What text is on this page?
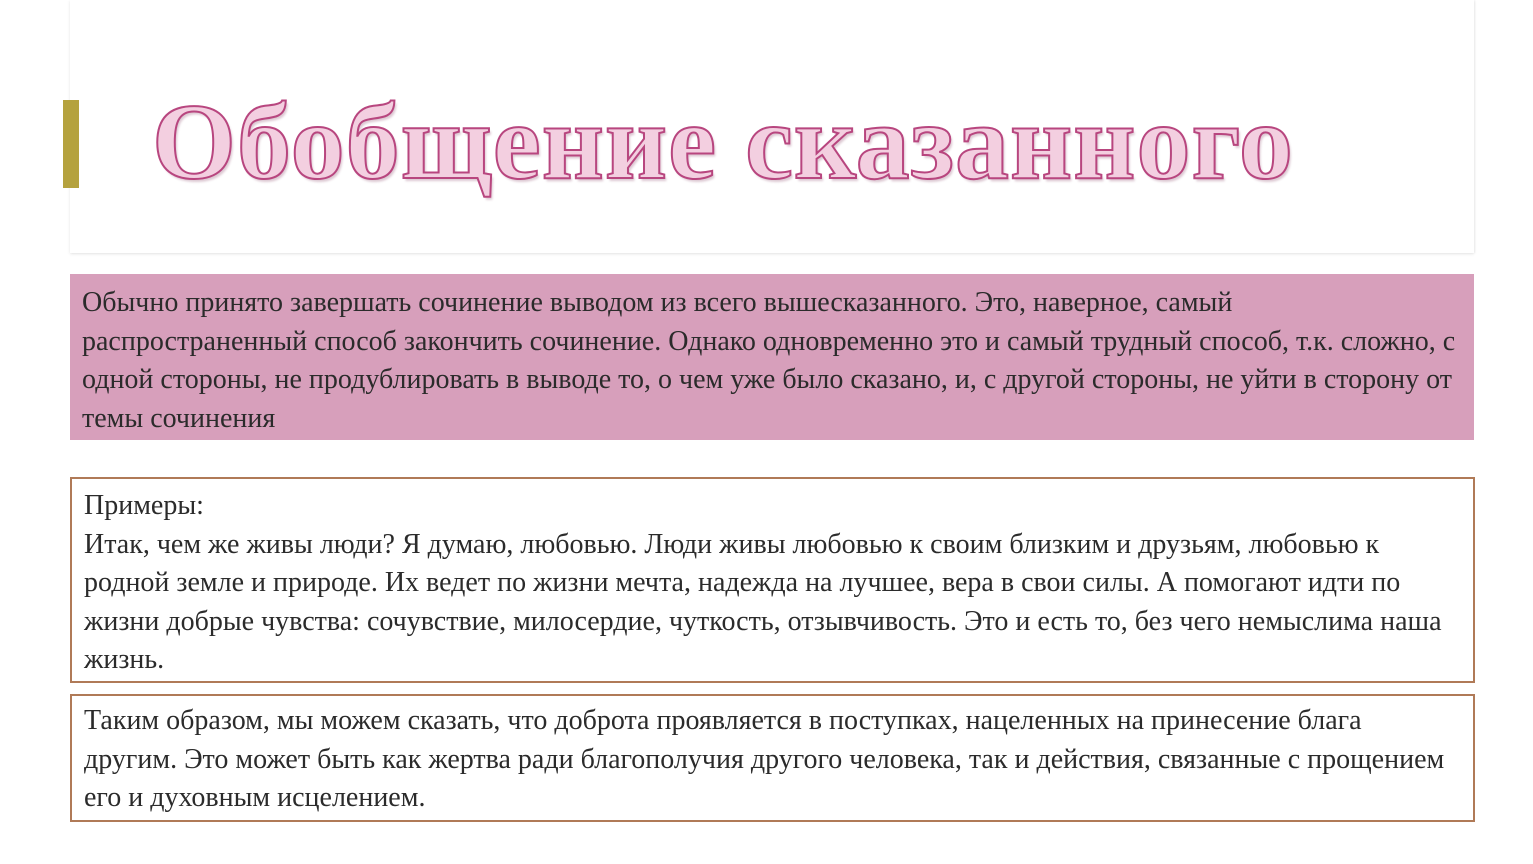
Обобщение сказанного

Обычно принято завершать сочинение выводом из всего вышесказанного. Это, наверное, самый распространенный способ закончить сочинение. Однако одновременно это и самый трудный способ, т.к. сложно, с одной стороны, не продублировать в выводе то, о чем уже было сказано, и, с другой стороны, не уйти в сторону от темы сочинения

Примеры:

Итак, чем же живы люди? Я думаю, любовью. Люди живы любовью к своим близким и друзьям, любовью к родной земле и природе. Их ведет по жизни мечта, надежда на лучшее, вера в свои силы. А помогают идти по жизни добрые чувства: сочувствие, милосердие, чуткость, отзывчивость. Это и есть то, без чего немыслима наша жизнь.

Таким образом, мы можем сказать, что доброта проявляется в поступках, нацеленных на принесение блага другим. Это может быть как жертва ради благополучия другого человека, так и действия, связанные с прощением его и духовным исцелением.
